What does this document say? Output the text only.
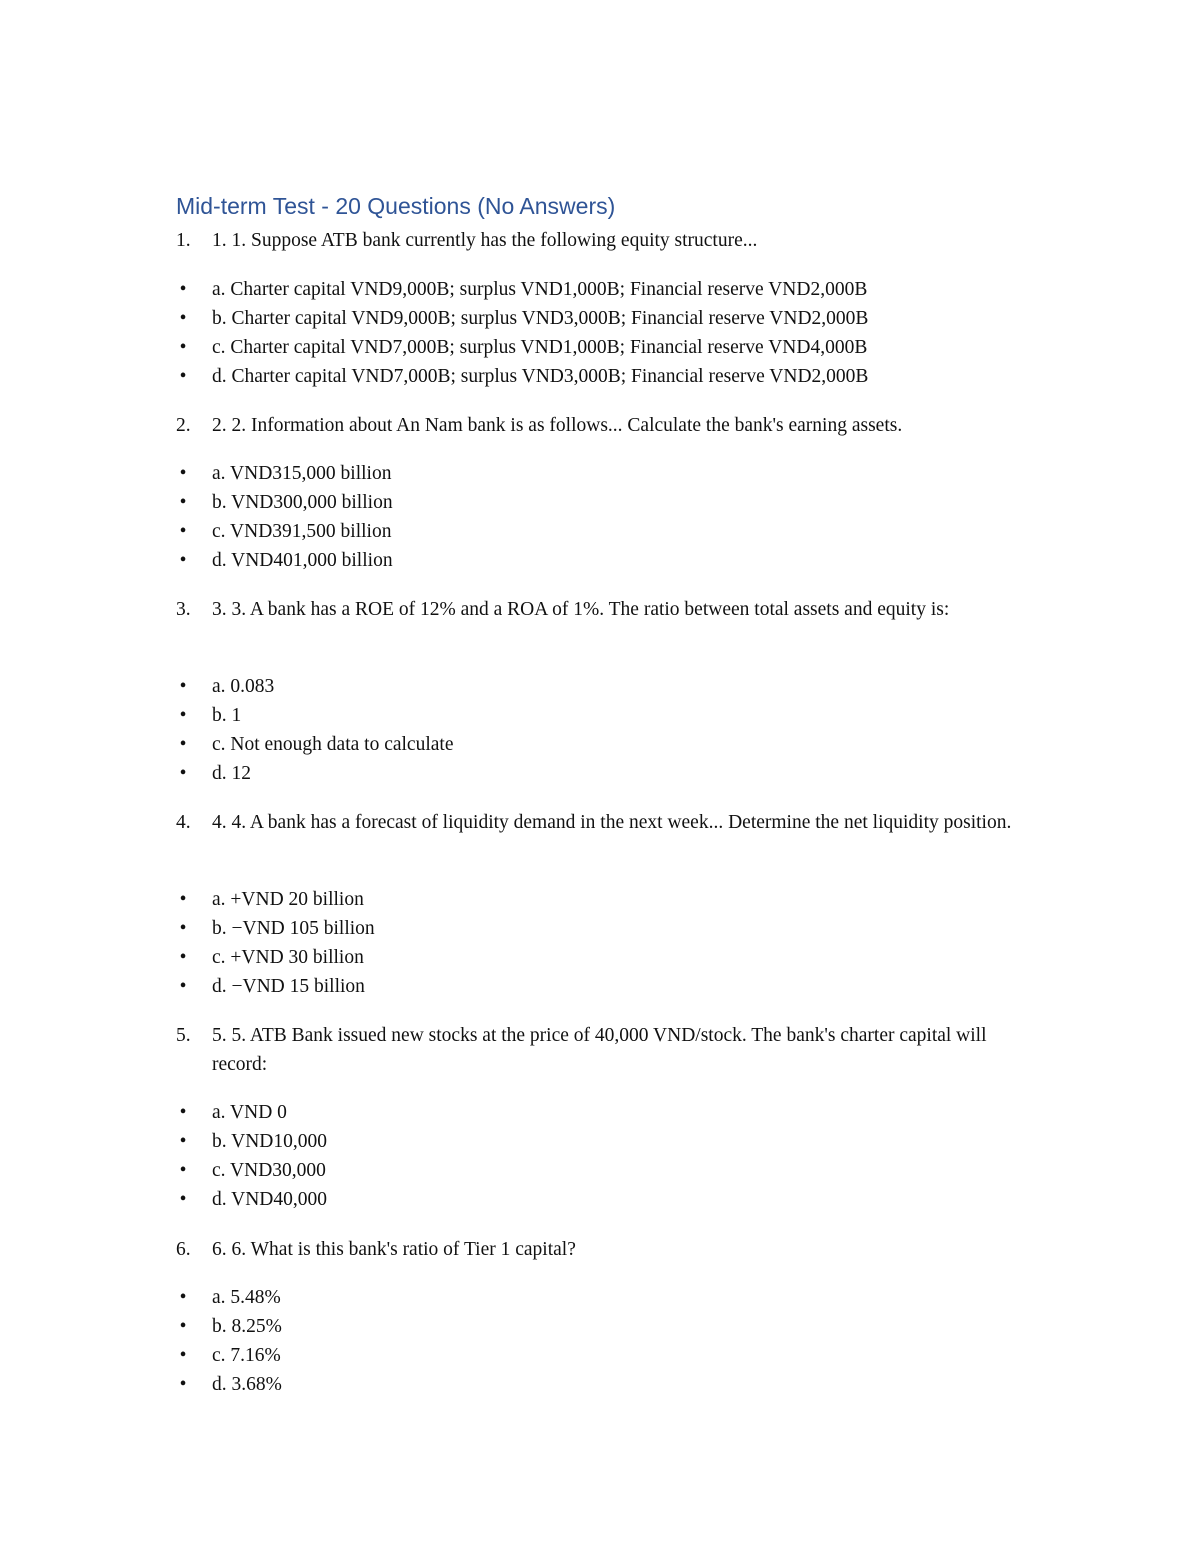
Mid-term Test - 20 Questions (No Answers)
1.	1. 1. Suppose ATB bank currently has the following equity structure...
•	a. Charter capital VND9,000B; surplus VND1,000B; Financial reserve VND2,000B
•	b. Charter capital VND9,000B; surplus VND3,000B; Financial reserve VND2,000B
•	c. Charter capital VND7,000B; surplus VND1,000B; Financial reserve VND4,000B
•	d. Charter capital VND7,000B; surplus VND3,000B; Financial reserve VND2,000B
2.	2. 2. Information about An Nam bank is as follows... Calculate the bank's earning assets.
•	a. VND315,000 billion
•	b. VND300,000 billion
•	c. VND391,500 billion
•	d. VND401,000 billion
3.	3. 3. A bank has a ROE of 12% and a ROA of 1%. The ratio between total assets and equity is:
•	a. 0.083
•	b. 1
•	c. Not enough data to calculate
•	d. 12
4.	4. 4. A bank has a forecast of liquidity demand in the next week... Determine the net liquidity position.
•	a. +VND 20 billion
•	b. −VND 105 billion
•	c. +VND 30 billion
•	d. −VND 15 billion
5.	5. 5. ATB Bank issued new stocks at the price of 40,000 VND/stock. The bank's charter capital will record:
•	a. VND 0
•	b. VND10,000
•	c. VND30,000
•	d. VND40,000
6.	6. 6. What is this bank's ratio of Tier 1 capital?
•	a. 5.48%
•	b. 8.25%
•	c. 7.16%
•	d. 3.68%
